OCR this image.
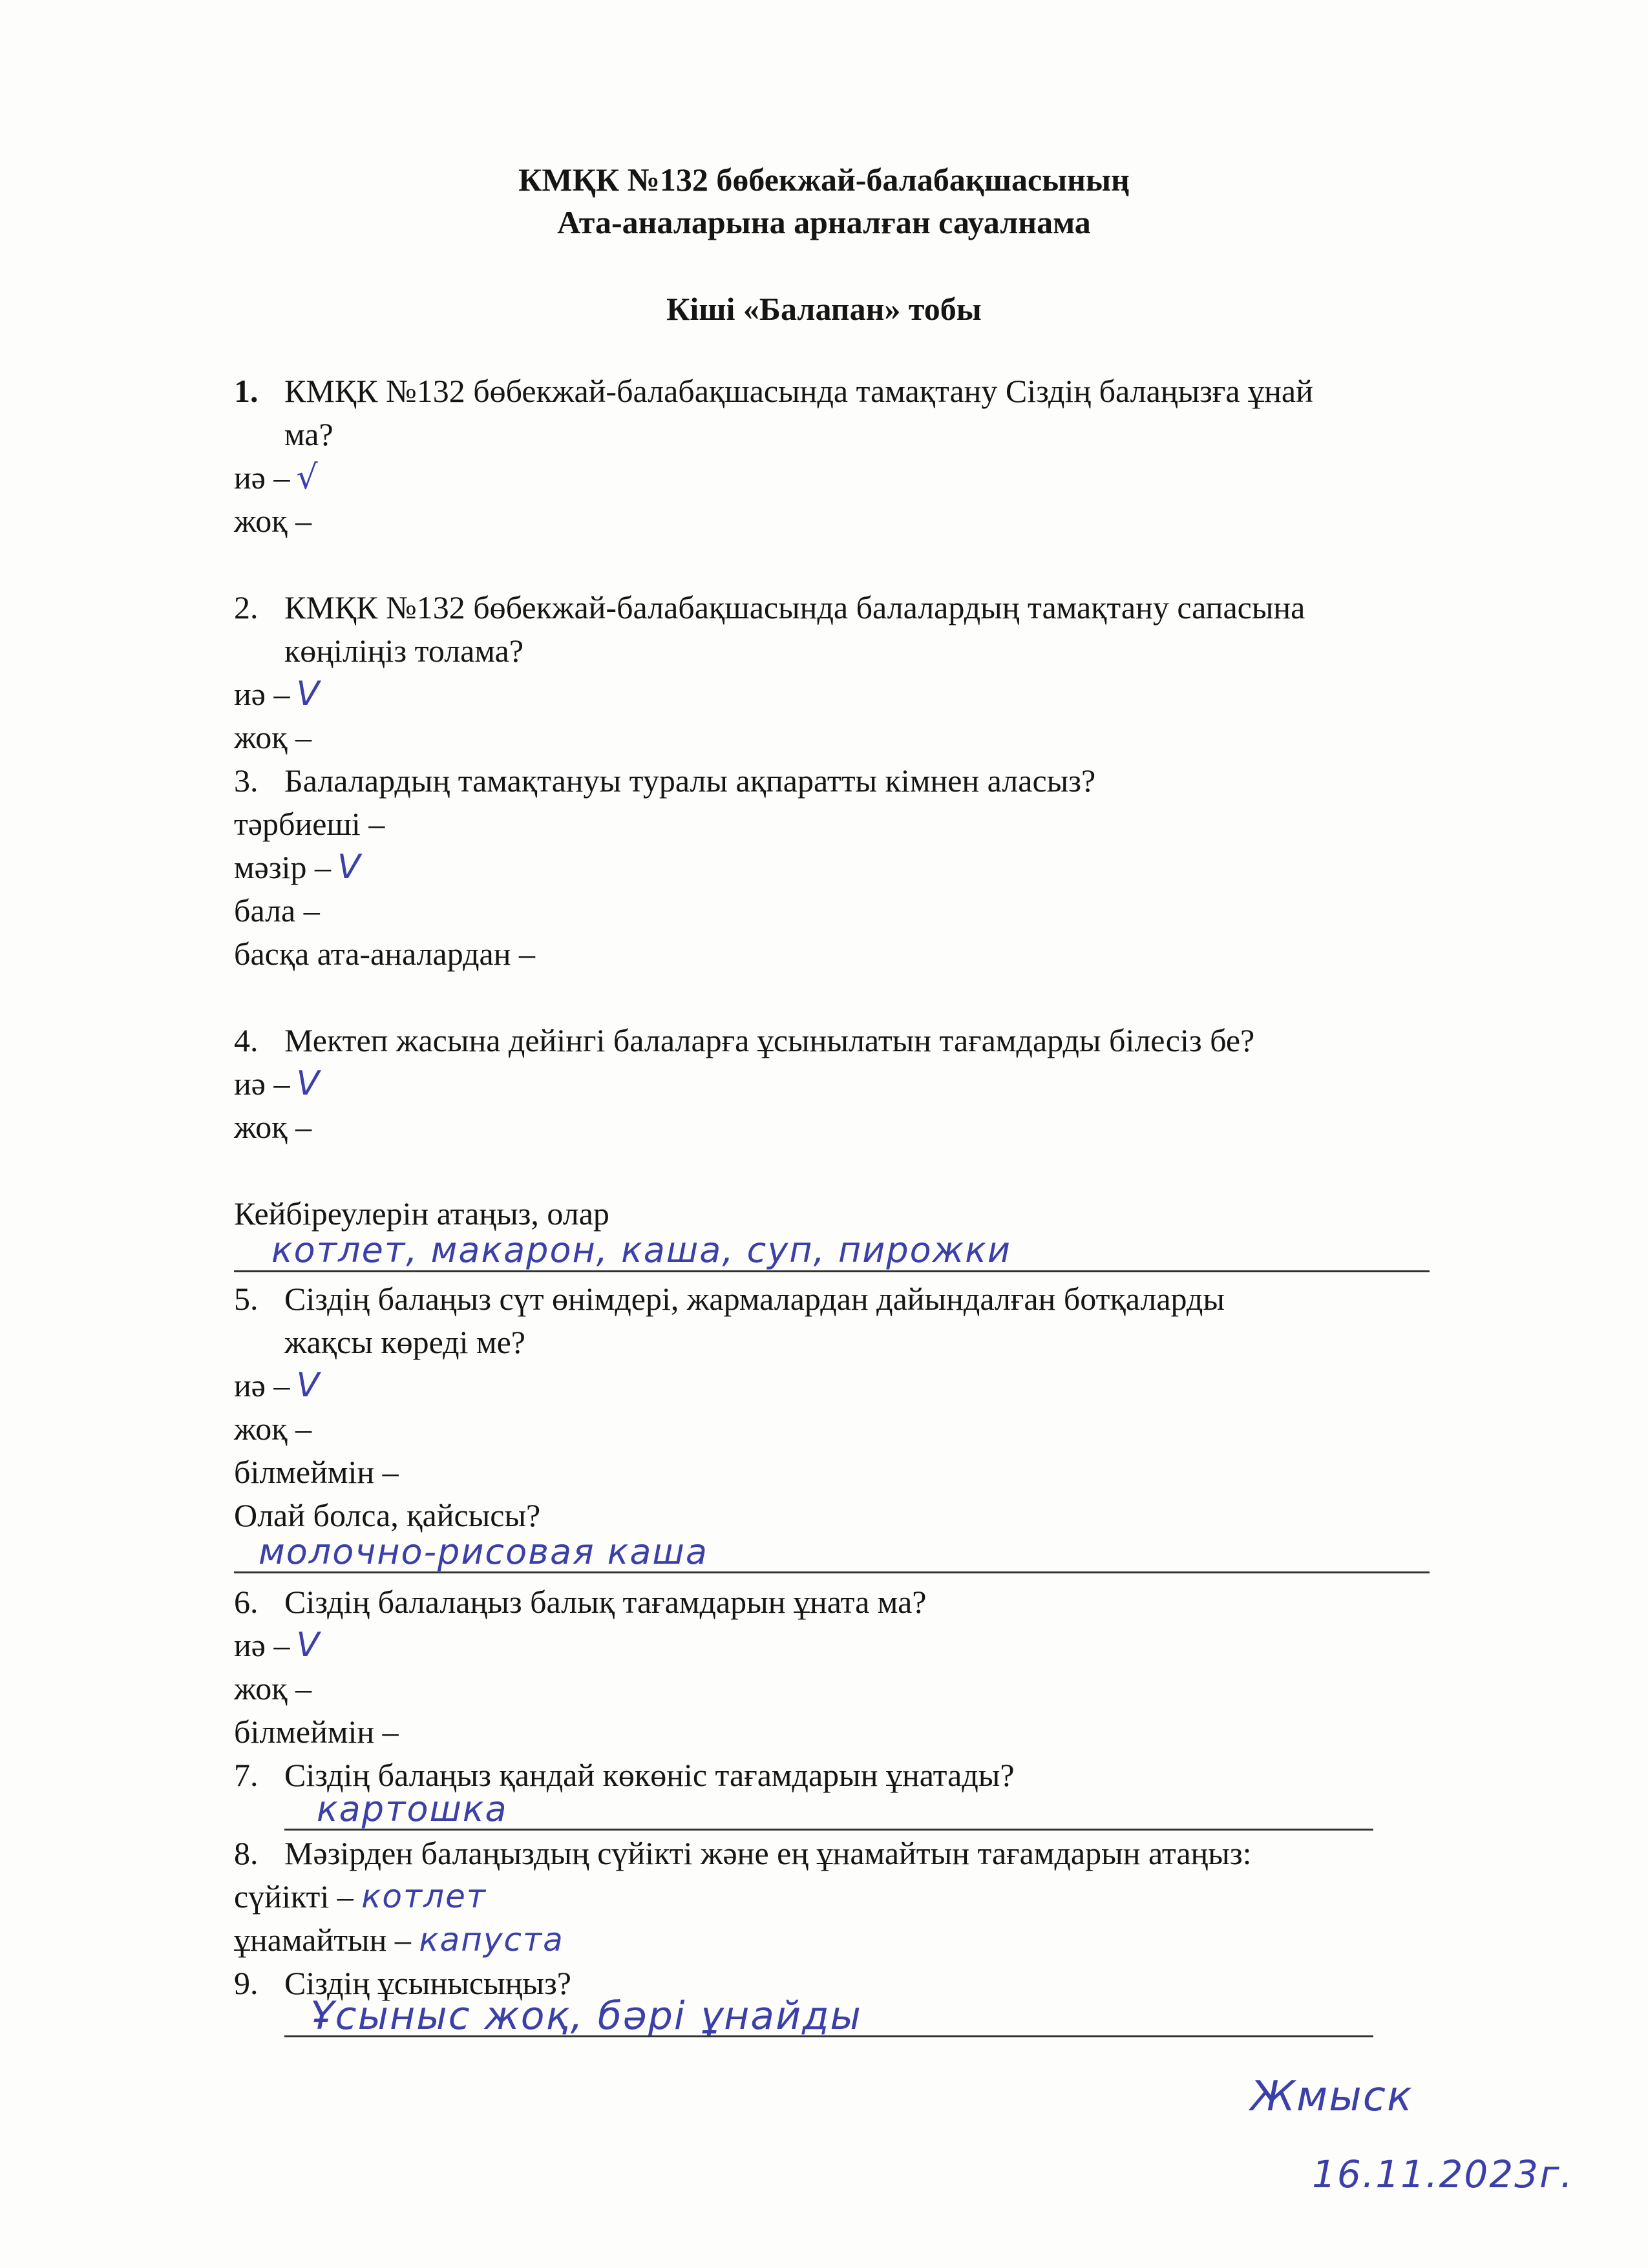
КМҚК №132 бөбекжай-балабақшасының
Ата-аналарына арналған сауалнама
Кіші «Балапан» тобы
1. КМҚК №132 бөбекжай-балабақшасында тамақтану Сіздің балаңызға ұнай
ма?
иә – √
жоқ –
2. КМҚК №132 бөбекжай-балабақшасында балалардың тамақтану сапасына
көңіліңіз толама?
иә – V
жоқ –
3. Балалардың тамақтануы туралы ақпаратты кімнен аласыз?
тәрбиеші –
мәзір – V
бала –
басқа ата-аналардан –
4. Мектеп жасына дейінгі балаларға ұсынылатын тағамдарды білесіз бе?
иә – V
жоқ –
Кейбіреулерін атаңыз, олар
котлет, макарон, каша, суп, пирожки
5. Сіздің балаңыз сүт өнімдері, жармалардан дайындалған ботқаларды
жақсы көреді ме?
иә – V
жоқ –
білмеймін –
Олай болса, қайсысы?
молочно-рисовая каша
6. Сіздің балалаңыз балық тағамдарын ұната ма?
иә – V
жоқ –
білмеймін –
7. Сіздің балаңыз қандай көкөніс тағамдарын ұнатады?
картошка
8. Мәзірден балаңыздың сүйікті және ең ұнамайтын тағамдарын атаңыз:
сүйікті – котлет
ұнамайтын – капуста
9. Сіздің ұсынысыңыз?
Ұсыныс жоқ, бәрі ұнайды
Жмыск
16.11.2023г.
